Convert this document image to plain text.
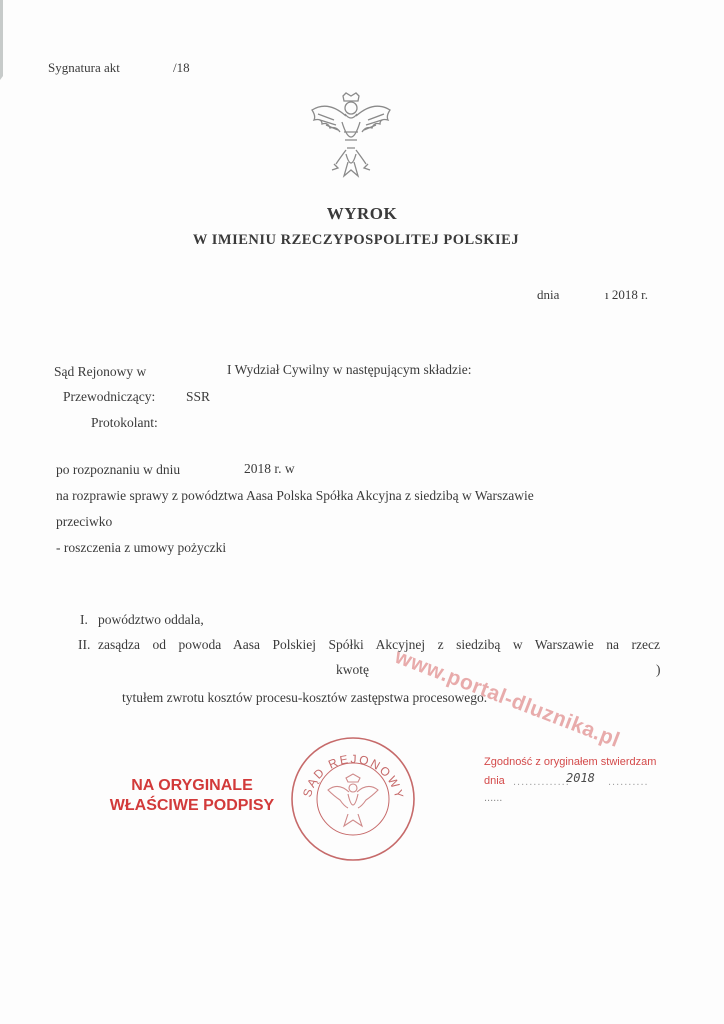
Sygnatura akt	/18
WYROK
W IMIENIU RZECZYPOSPOLITEJ POLSKIEJ
dnia	ı 2018 r.
Sąd Rejonowy w	I Wydział Cywilny w następującym składzie:
Przewodniczący: SSR
Protokolant:
po rozpoznaniu w dniu	2018 r. w
na rozprawie sprawy z powództwa Aasa Polska Spółka Akcyjna z siedzibą w Warszawie
przeciwko
- roszczenia z umowy pożyczki
I. powództwo oddala,
II. zasądza od powoda Aasa Polskiej Spółki Akcyjnej z siedzibą w Warszawie na rzecz
kwotę	)
tytułem zwrotu kosztów procesu-kosztów zastępstwa procesowego.
NA ORYGINALE
WŁAŚCIWE PODPISY
SĄD REJONOWY
www.portal-dluznika.pl
Zgodność z oryginałem stwierdzam
dnia ..............
2018 ..........
......
